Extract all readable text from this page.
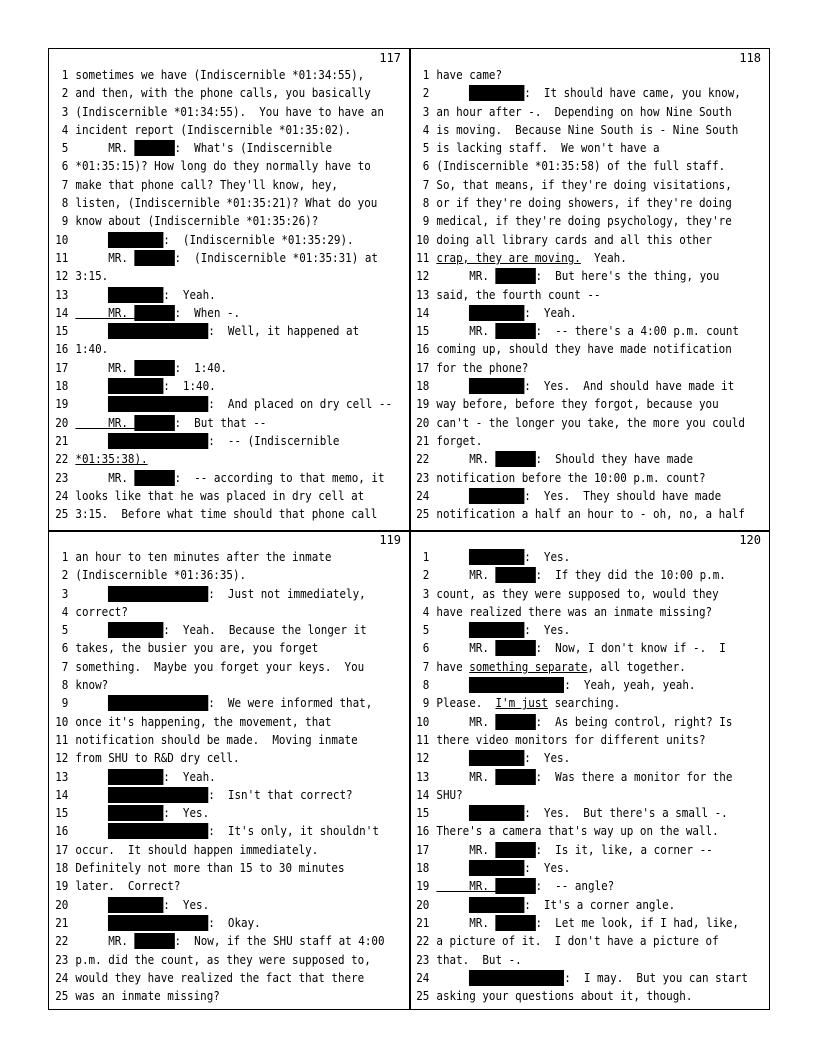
117
1 sometimes we have (Indiscernible *01:34:55),
2 and then, with the phone calls, you basically
3 (Indiscernible *01:34:55).  You have to have an
4 incident report (Indiscernible *01:35:02).
5     MR.	:  What's (Indiscernible
6 *01:35:15)? How long do they normally have to
7 make that phone call? They'll know, hey,
8 listen, (Indiscernible *01:35:21)? What do you
9 know about (Indiscernible *01:35:26)?
10	:  (Indiscernible *01:35:29).
11     MR.	:  (Indiscernible *01:35:31) at
12 3:15.
13	:  Yeah.
14     MR.	:  When -.
15	:  Well, it happened at
16 1:40.
17     MR.	:  1:40.
18	:  1:40.
19	:  And placed on dry cell --
20     MR.	:  But that --
21	:  -- (Indiscernible
22 *01:35:38).
23     MR.	:  -- according to that memo, it
24 looks like that he was placed in dry cell at
25 3:15.  Before what time should that phone call
118
1 have came?
2	:  It should have came, you know,
3 an hour after -.  Depending on how Nine South
4 is moving.  Because Nine South is - Nine South
5 is lacking staff.  We won't have a
6 (Indiscernible *01:35:58) of the full staff.
7 So, that means, if they're doing visitations,
8 or if they're doing showers, if they're doing
9 medical, if they're doing psychology, they're
10 doing all library cards and all this other
11 crap, they are moving.  Yeah.
12     MR.	:  But here's the thing, you
13 said, the fourth count --
14	:  Yeah.
15     MR.	:  -- there's a 4:00 p.m. count
16 coming up, should they have made notification
17 for the phone?
18	:  Yes.  And should have made it
19 way before, before they forgot, because you
20 can't - the longer you take, the more you could
21 forget.
22     MR.	:  Should they have made
23 notification before the 10:00 p.m. count?
24	:  Yes.  They should have made
25 notification a half an hour to - oh, no, a half
119
1 an hour to ten minutes after the inmate
2 (Indiscernible *01:36:35).
3	:  Just not immediately,
4 correct?
5	:  Yeah.  Because the longer it
6 takes, the busier you are, you forget
7 something.  Maybe you forget your keys.  You
8 know?
9	:  We were informed that,
10 once it's happening, the movement, that
11 notification should be made.  Moving inmate
12 from SHU to R&D dry cell.
13	:  Yeah.
14	:  Isn't that correct?
15	:  Yes.
16	:  It's only, it shouldn't
17 occur.  It should happen immediately.
18 Definitely not more than 15 to 30 minutes
19 later.  Correct?
20	:  Yes.
21	:  Okay.
22     MR.	:  Now, if the SHU staff at 4:00
23 p.m. did the count, as they were supposed to,
24 would they have realized the fact that there
25 was an inmate missing?
120
1	:  Yes.
2     MR.	:  If they did the 10:00 p.m.
3 count, as they were supposed to, would they
4 have realized there was an inmate missing?
5	:  Yes.
6     MR.	:  Now, I don't know if -.  I
7 have something separate, all together.
8	:  Yeah, yeah, yeah.
9 Please.  I'm just searching.
10     MR.	:  As being control, right? Is
11 there video monitors for different units?
12	:  Yes.
13     MR.	:  Was there a monitor for the
14 SHU?
15	:  Yes.  But there's a small -.
16 There's a camera that's way up on the wall.
17     MR.	:  Is it, like, a corner --
18	:  Yes.
19     MR.	:  -- angle?
20	:  It's a corner angle.
21     MR.	:  Let me look, if I had, like,
22 a picture of it.  I don't have a picture of
23 that.  But -.
24	:  I may.  But you can start
25 asking your questions about it, though.
